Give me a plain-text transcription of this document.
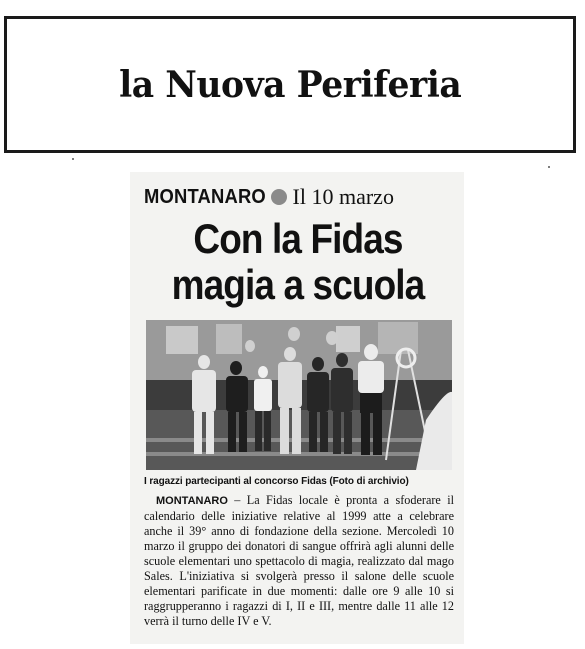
la Nuova Periferia
MONTANARO Il 10 marzo
Con la Fidas
magia a scuola
I ragazzi partecipanti al concorso Fidas (Foto di archivio)
MONTANARO – La Fidas locale è pronta a sfoderare il calendario delle iniziative relative al 1999 atte a celebrare anche il 39° anno di fondazione della sezione. Mercoledì 10 marzo il gruppo dei donatori di sangue offrirà agli alunni delle scuole elementari uno spettacolo di magia, realizzato dal mago Sales. L'iniziativa si svolgerà presso il salone delle scuole elementari parificate in due momenti: dalle ore 9 alle 10 si raggrupperanno i ragazzi di I, II e III, mentre dalle 11 alle 12 verrà il turno delle IV e V.
